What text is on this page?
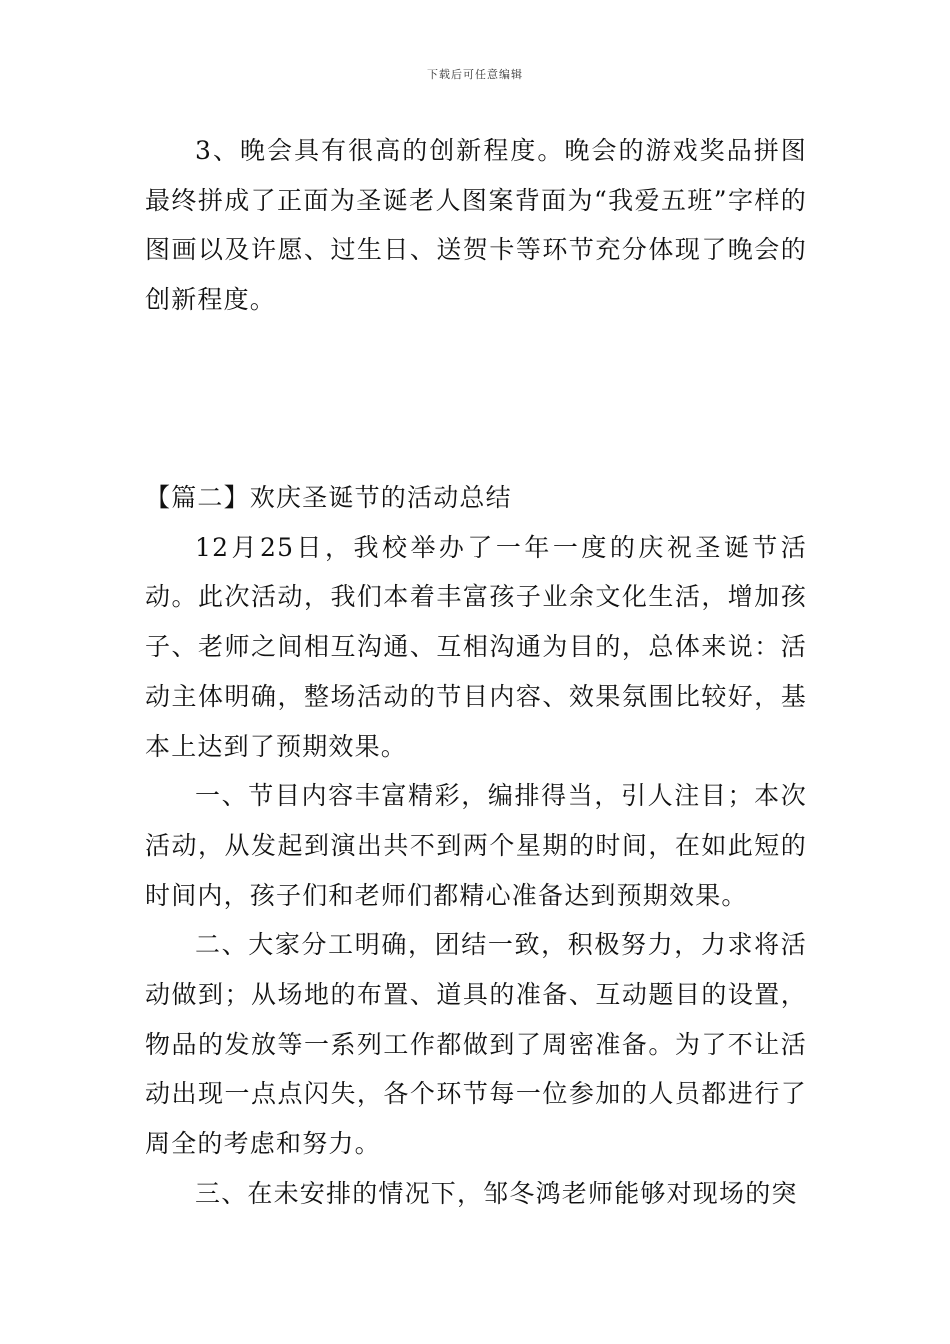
下载后可任意编辑

3、晚会具有很高的创新程度。晚会的游戏奖品拼图最终拼成了正面为圣诞老人图案背面为“我爱五班”字样的图画以及许愿、过生日、送贺卡等环节充分体现了晚会的创新程度。

【篇二】欢庆圣诞节的活动总结

12月25日，我校举办了一年一度的庆祝圣诞节活动。此次活动，我们本着丰富孩子业余文化生活，增加孩子、老师之间相互沟通、互相沟通为目的，总体来说：活动主体明确，整场活动的节目内容、效果氛围比较好，基本上达到了预期效果。

一、节目内容丰富精彩，编排得当，引人注目；本次活动，从发起到演出共不到两个星期的时间，在如此短的时间内，孩子们和老师们都精心准备达到预期效果。

二、大家分工明确，团结一致，积极努力，力求将活动做到；从场地的布置、道具的准备、互动题目的设置，物品的发放等一系列工作都做到了周密准备。为了不让活动出现一点点闪失，各个环节每一位参加的人员都进行了周全的考虑和努力。

三、在未安排的情况下，邹冬鸿老师能够对现场的突
